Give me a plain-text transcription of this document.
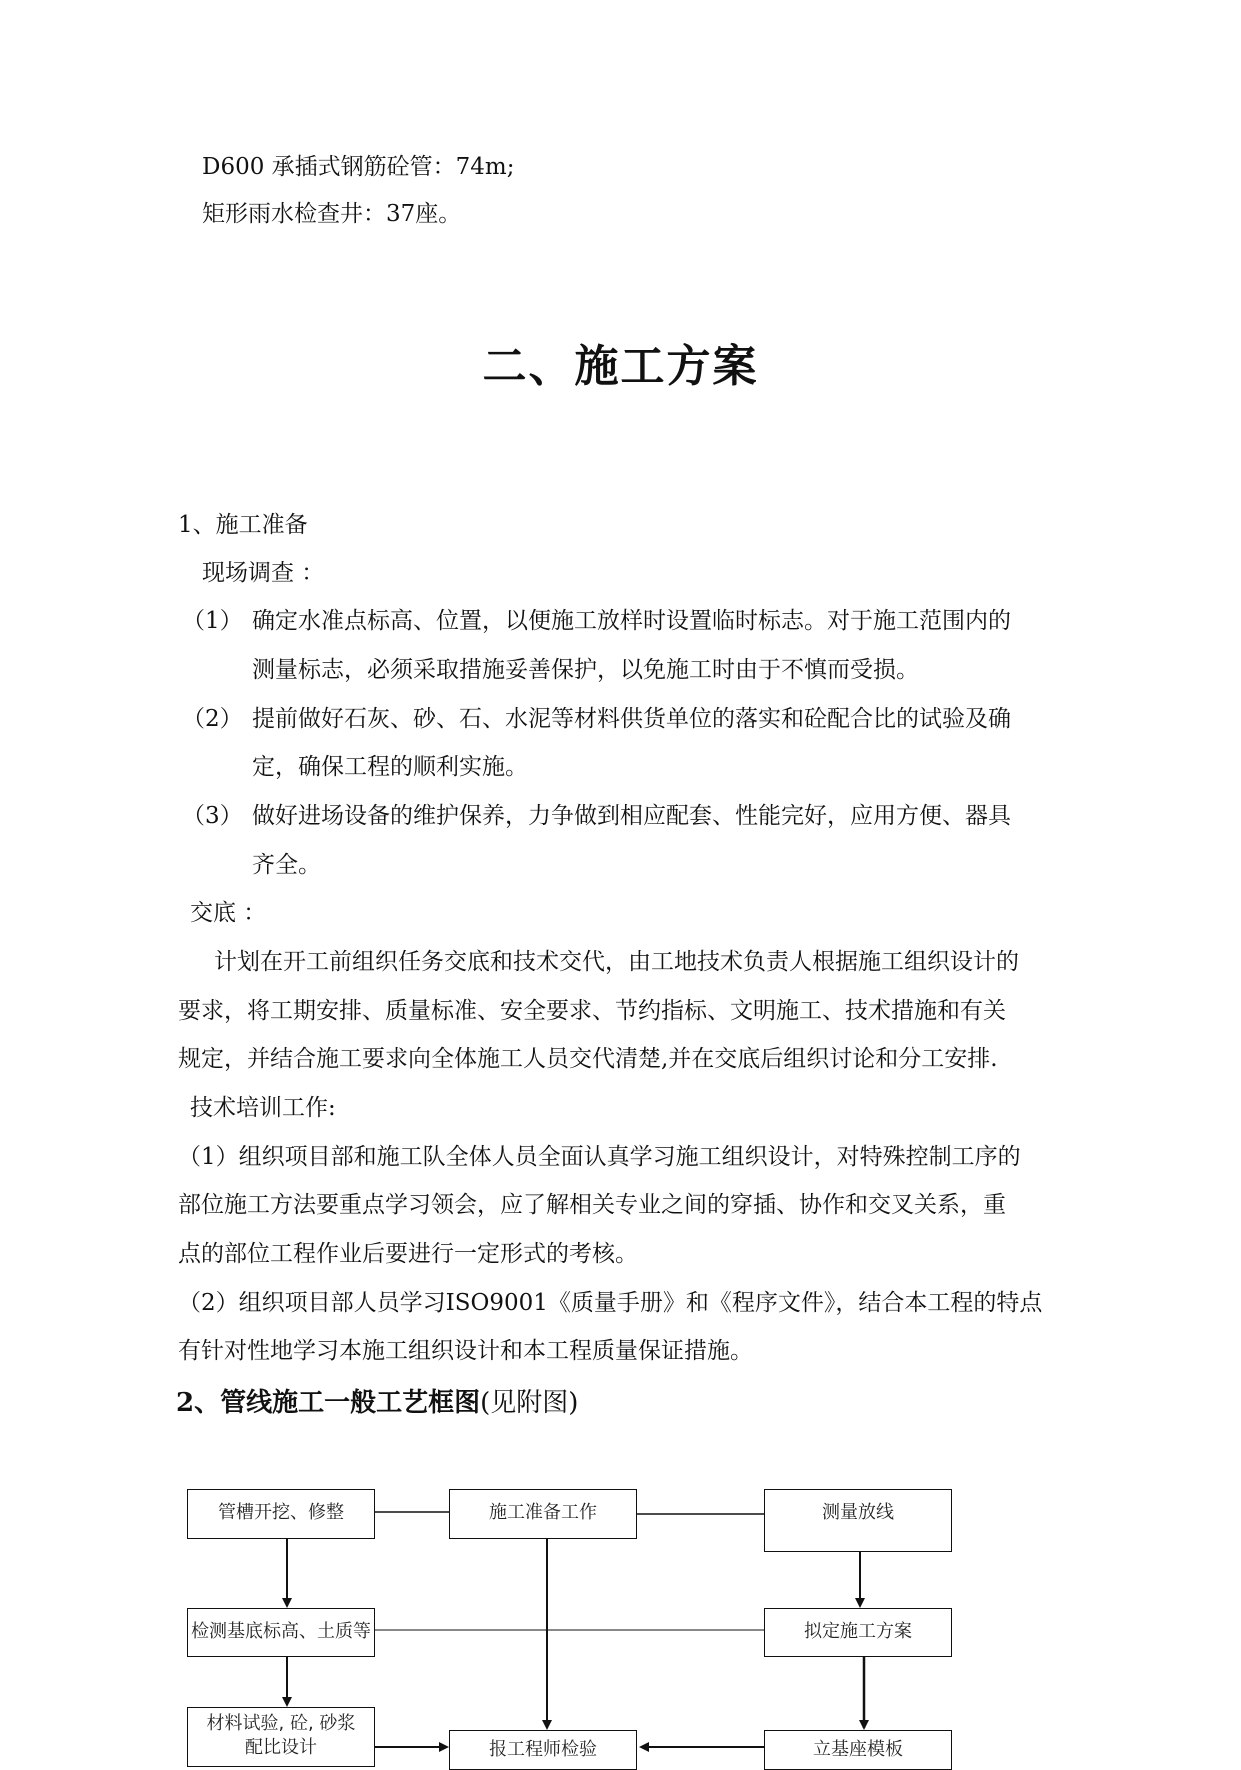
D600 承插式钢筋砼管：74m;
矩形雨水检查井：37座。
二、施工方案
1、施工准备
现场调查 ：
（1） 确定水准点标高、位置，以便施工放样时设置临时标志。对于施工范围内的
测量标志，必须采取措施妥善保护，以免施工时由于不慎而受损。
（2） 提前做好石灰、砂、石、水泥等材料供货单位的落实和砼配合比的试验及确
定，确保工程的顺利实施。
（3） 做好进场设备的维护保养，力争做到相应配套、性能完好，应用方便、器具
齐全。
交底 ：
计划在开工前组织任务交底和技术交代，由工地技术负责人根据施工组织设计的
要求，将工期安排、质量标准、安全要求、节约指标、文明施工、技术措施和有关
规定，并结合施工要求向全体施工人员交代清楚,并在交底后组织讨论和分工安排.
技术培训工作:
（1）组织项目部和施工队全体人员全面认真学习施工组织设计，对特殊控制工序的
部位施工方法要重点学习领会，应了解相关专业之间的穿插、协作和交叉关系，重
点的部位工程作业后要进行一定形式的考核。
（2）组织项目部人员学习ISO9001《质量手册》和《程序文件》，结合本工程的特点
有针对性地学习本施工组织设计和本工程质量保证措施。
2、管线施工一般工艺框图(见附图)
管槽开挖、修整	施工准备工作	测量放线
检测基底标高、土质等	拟定施工方案
材料试验, 砼, 砂浆
配比设计	报工程师检验	立基座模板
